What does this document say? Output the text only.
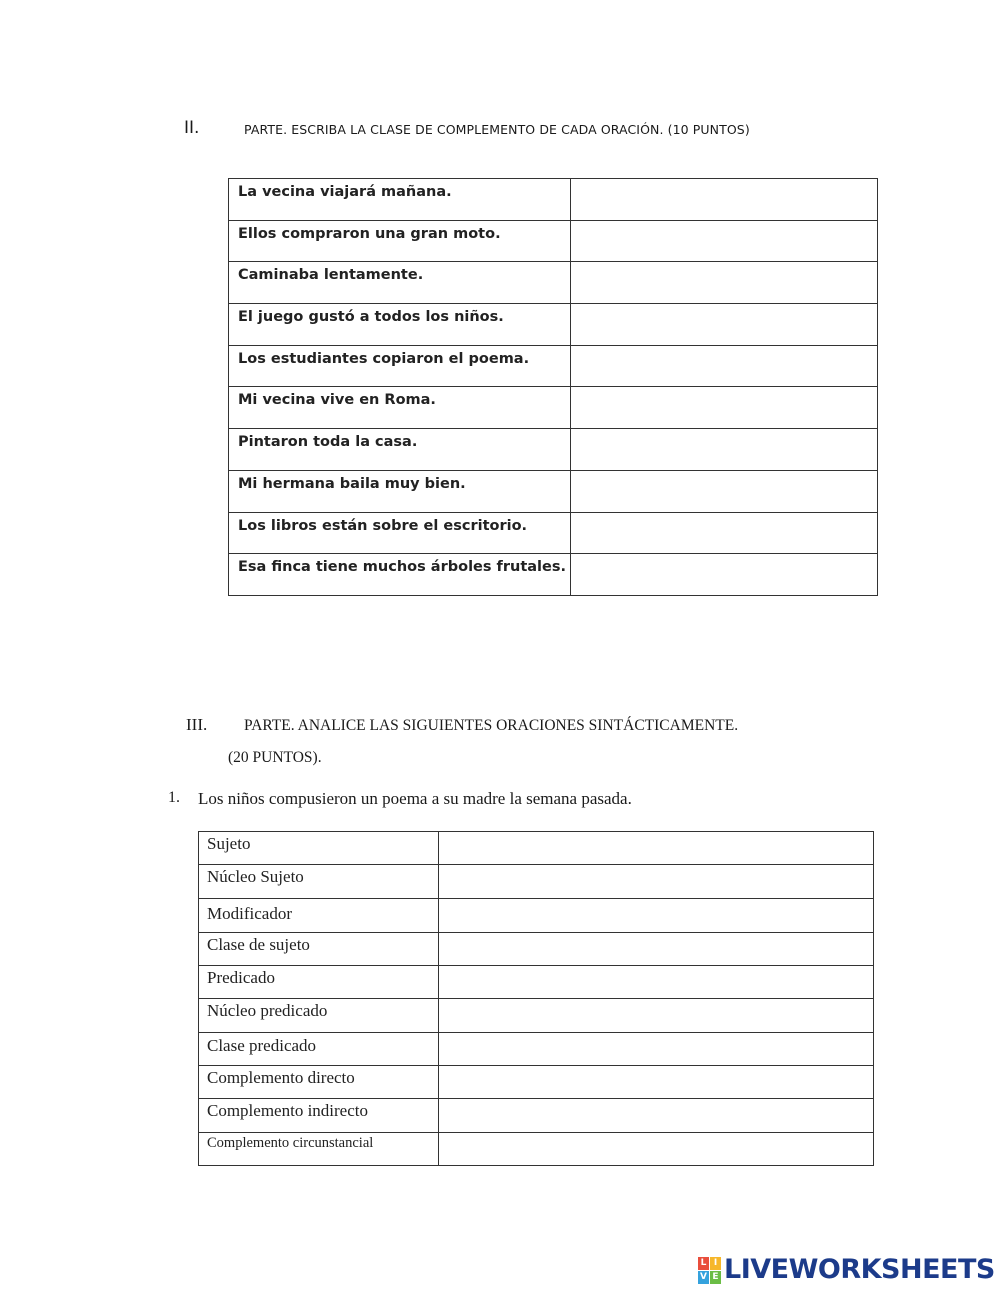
II.	PARTE. ESCRIBA LA CLASE DE COMPLEMENTO DE CADA ORACIÓN. (10 PUNTOS)
La vecina viajará mañana.	
Ellos compraron una gran moto.	
Caminaba lentamente.	
El juego gustó a todos los niños.	
Los estudiantes copiaron el poema.	
Mi vecina vive en Roma.	
Pintaron toda la casa.	
Mi hermana baila muy bien.	
Los libros están sobre el escritorio.	
Esa finca tiene muchos árboles frutales.	
III. PARTE. ANALICE LAS SIGUIENTES ORACIONES SINTÁCTICAMENTE.
(20 PUNTOS).
1. Los niños compusieron un poema a su madre la semana pasada.
Sujeto	
Núcleo Sujeto	
Modificador	
Clase de sujeto	
Predicado	
Núcleo predicado	
Clase predicado	
Complemento directo	
Complemento indirecto	
Complemento circunstancial	
L I
V E LIVEWORKSHEETS
